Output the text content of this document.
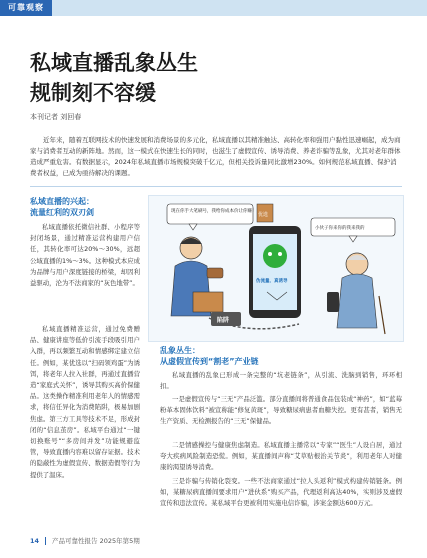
可靠观察
私域直播乱象丛生
规制刻不容缓
本刊记者 刘回春
近年来，随着互联网技术的快速发展和消费场景的多元化，私域直播以其精准触达、高转化率和强用户黏性迅速崛起，成为商家与消费者互动的新阵地。然而，这一模式在快速生长的同时，也滋生了虚假宣传、诱导消费、养老诈骗等乱象，尤其对老年群体造成严重危害。有数据显示，2024年私域直播市场规模突破千亿元，但相关投诉量同比激增230%。如何规范私域直播、保护消费者权益，已成为亟待解决的课题。
私域直播的兴起：
流量红利的双刃剑
私域直播依托微信社群、小程序等封闭场景，通过精准运营构建用户信任，其转化率可达20%～30%，远超公域直播的1%～3%。这种模式本应成为品牌与用户深度链接的桥梁，却因利益驱动，沦为不法商家的“灰色地带”。
私域直播精准运营，通过免费赠品、健康讲座等低价引流手段吸引用户入群，再以频繁互动和情感绑定建立信任。例如，某优选以“扫码领鸡蛋”为诱饵，将老年人拉入社群，再通过直播营造“家庭式关怀”，诱导其购买高价保健品。这类操作精准利用老年人的情感需求，将信任异化为消费陷阱，极易加剧焦虑。第三方工具等技术不足，形成封闭的“信息茧房”。私域平台通过“一键切换账号”“多房间并发”功能规避监管，导致直播内容难以留存证据。技术的隐蔽性为虚假宣传、数据造假等行为提供了温床。
现在你手大笔刷号，我给你成本价让你赚！
伪流量、真诱导
陷阱
小伙子你来你的我来我的
优选
乱象丛生：
从虚假宣传到“割老”产业链
私域直播的乱象已形成一条完整的“坑老链条”，从引流、洗脑到销售，环环相扣。
一是虚假宣传与“三无”产品泛滥。部分直播间将普通食品包装成“神药”，如“蓝莓粉革本固体饮料”被宣称能“修复黄斑”，导致糖尿病患者血糖失控。更有甚者，销售无生产资质、无检测报告的“三无”保健品。
二是情感操控与健康焦虑制造。私域直播主播常以“专家”“医生”人设自居，通过夸大疾病风险制造恐慌。例如，某直播间声称“艾草贴根治关节炎”，利用老年人对健康的渴望诱导消费。
三是诈骗与传销化裂变。一些不法商家通过“拉人头返利”模式构建传销链条。例如，某糖尿病直播间要求用户“进伙系”购买产品，代理返利高达40%，实则涉及虚假宣传和违法宣传。某私域平台更被利用实施电信诈骗，涉案金额达600万元。
14 产品可靠性报告 2025年第5期
